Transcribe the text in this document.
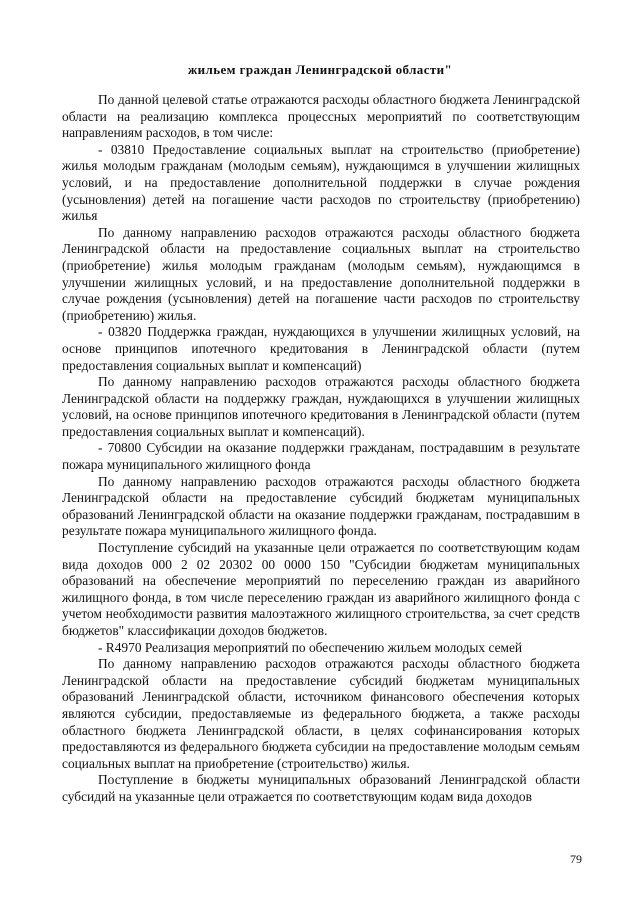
жильем граждан Ленинградской области"

По данной целевой статье отражаются расходы областного бюджета Ленинградской области на реализацию комплекса процессных мероприятий по соответствующим направлениям расходов, в том числе:

- 03810 Предоставление социальных выплат на строительство (приобретение) жилья молодым гражданам (молодым семьям), нуждающимся в улучшении жилищных условий, и на предоставление дополнительной поддержки в случае рождения (усыновления) детей на погашение части расходов по строительству (приобретению) жилья

По данному направлению расходов отражаются расходы областного бюджета Ленинградской области на предоставление социальных выплат на строительство (приобретение) жилья молодым гражданам (молодым семьям), нуждающимся в улучшении жилищных условий, и на предоставление дополнительной поддержки в случае рождения (усыновления) детей на погашение части расходов по строительству (приобретению) жилья.

- 03820 Поддержка граждан, нуждающихся в улучшении жилищных условий, на основе принципов ипотечного кредитования в Ленинградской области (путем предоставления социальных выплат и компенсаций)

По данному направлению расходов отражаются расходы областного бюджета Ленинградской области на поддержку граждан, нуждающихся в улучшении жилищных условий, на основе принципов ипотечного кредитования в Ленинградской области (путем предоставления социальных выплат и компенсаций).

- 70800 Субсидии на оказание поддержки гражданам, пострадавшим в результате пожара муниципального жилищного фонда

По данному направлению расходов отражаются расходы областного бюджета Ленинградской области на предоставление субсидий бюджетам муниципальных образований Ленинградской области на оказание поддержки гражданам, пострадавшим в результате пожара муниципального жилищного фонда.

Поступление субсидий на указанные цели отражается по соответствующим кодам вида доходов 000 2 02 20302 00 0000 150 "Субсидии бюджетам муниципальных образований на обеспечение мероприятий по переселению граждан из аварийного жилищного фонда, в том числе переселению граждан из аварийного жилищного фонда с учетом необходимости развития малоэтажного жилищного строительства, за счет средств бюджетов" классификации доходов бюджетов.

- R4970 Реализация мероприятий по обеспечению жильем молодых семей

По данному направлению расходов отражаются расходы областного бюджета Ленинградской области на предоставление субсидий бюджетам муниципальных образований Ленинградской области, источником финансового обеспечения которых являются субсидии, предоставляемые из федерального бюджета, а также расходы областного бюджета Ленинградской области, в целях софинансирования которых предоставляются из федерального бюджета субсидии на предоставление молодым семьям социальных выплат на приобретение (строительство) жилья.

Поступление в бюджеты муниципальных образований Ленинградской области субсидий на указанные цели отражается по соответствующим кодам вида доходов

79
